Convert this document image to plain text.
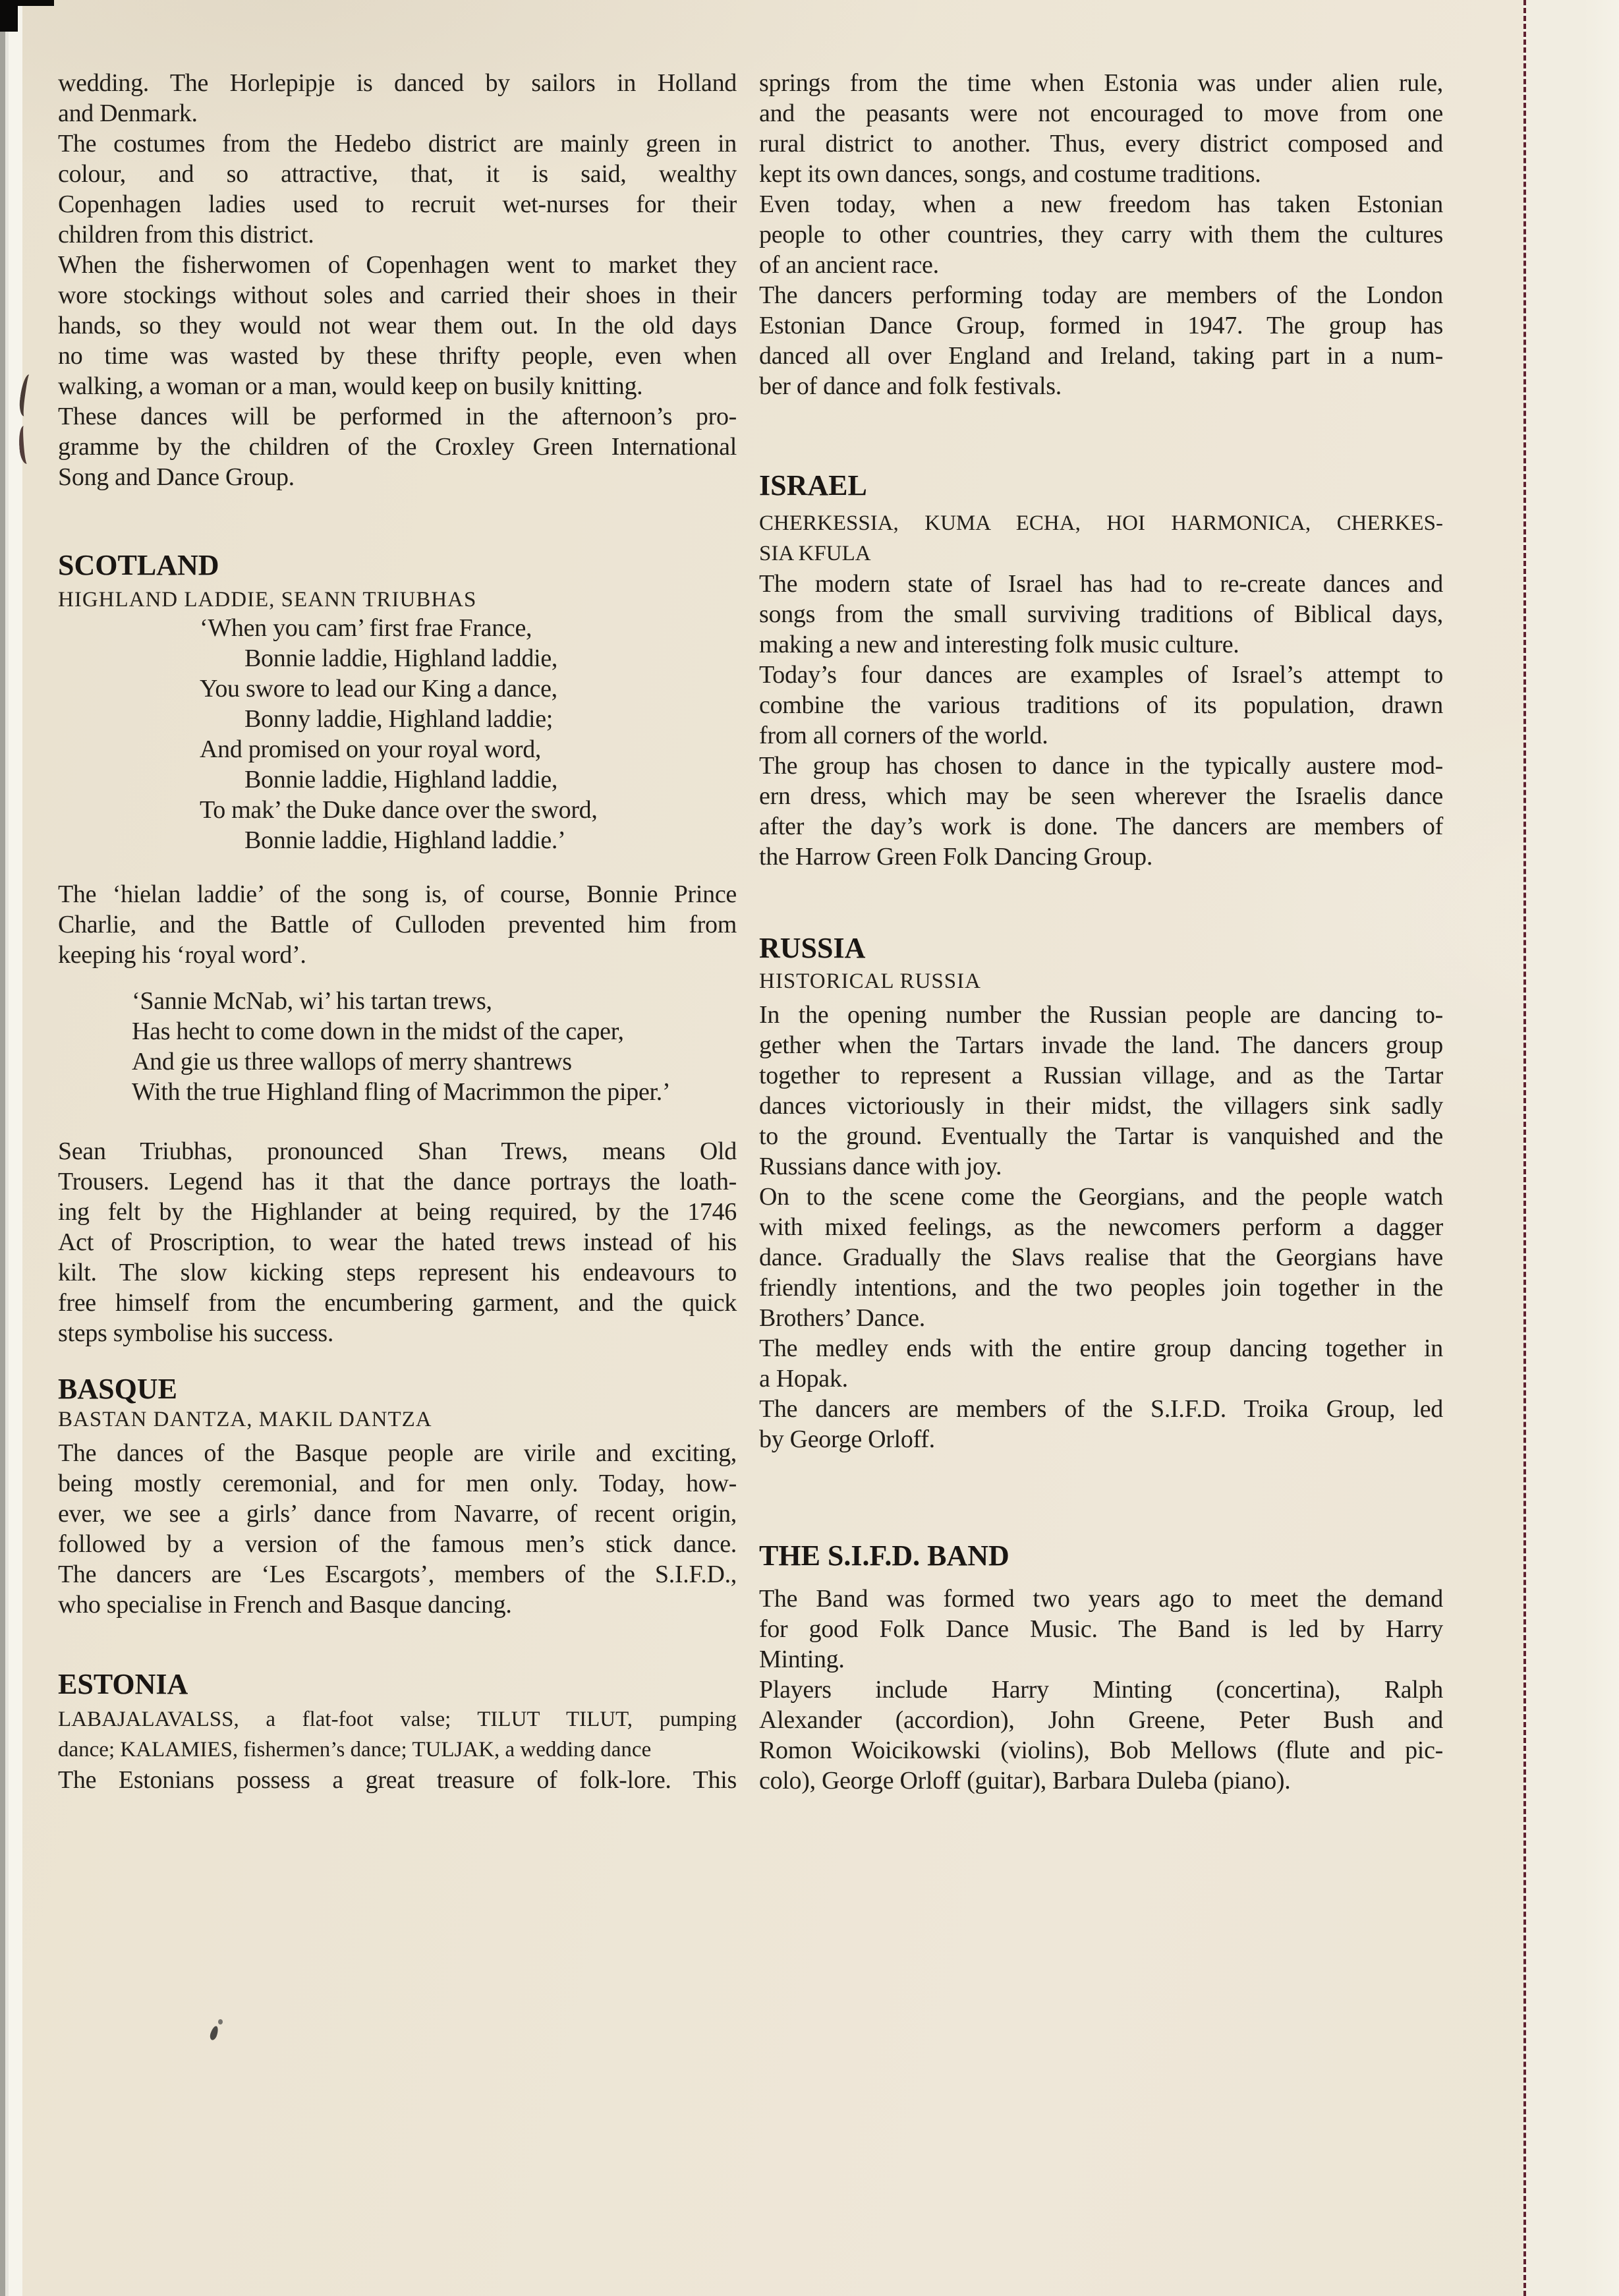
wedding. The Horlepipje is danced by sailors in Holland
and Denmark.
The costumes from the Hedebo district are mainly green in
colour, and so attractive, that, it is said, wealthy
Copenhagen ladies used to recruit wet-nurses for their
children from this district.
When the fisherwomen of Copenhagen went to market they
wore stockings without soles and carried their shoes in their
hands, so they would not wear them out. In the old days
no time was wasted by these thrifty people, even when
walking, a woman or a man, would keep on busily knitting.
These dances will be performed in the afternoon’s pro-
gramme by the children of the Croxley Green International
Song and Dance Group.
SCOTLAND
HIGHLAND LADDIE, SEANN TRIUBHAS
‘When you cam’ first frae France,
Bonnie laddie, Highland laddie,
You swore to lead our King a dance,
Bonny laddie, Highland laddie;
And promised on your royal word,
Bonnie laddie, Highland laddie,
To mak’ the Duke dance over the sword,
Bonnie laddie, Highland laddie.’
The ‘hielan laddie’ of the song is, of course, Bonnie Prince
Charlie, and the Battle of Culloden prevented him from
keeping his ‘royal word’.
‘Sannie McNab, wi’ his tartan trews,
Has hecht to come down in the midst of the caper,
And gie us three wallops of merry shantrews
With the true Highland fling of Macrimmon the piper.’
Sean Triubhas, pronounced Shan Trews, means Old
Trousers. Legend has it that the dance portrays the loath-
ing felt by the Highlander at being required, by the 1746
Act of Proscription, to wear the hated trews instead of his
kilt. The slow kicking steps represent his endeavours to
free himself from the encumbering garment, and the quick
steps symbolise his success.
BASQUE
BASTAN DANTZA, MAKIL DANTZA
The dances of the Basque people are virile and exciting,
being mostly ceremonial, and for men only. Today, how-
ever, we see a girls’ dance from Navarre, of recent origin,
followed by a version of the famous men’s stick dance.
The dancers are ‘Les Escargots’, members of the S.I.F.D.,
who specialise in French and Basque dancing.
ESTONIA
LABAJALAVALSS, a flat-foot valse; TILUT TILUT, pumping
dance; KALAMIES, fishermen’s dance; TULJAK, a wedding dance
The Estonians possess a great treasure of folk-lore. This
springs from the time when Estonia was under alien rule,
and the peasants were not encouraged to move from one
rural district to another. Thus, every district composed and
kept its own dances, songs, and costume traditions.
Even today, when a new freedom has taken Estonian
people to other countries, they carry with them the cultures
of an ancient race.
The dancers performing today are members of the London
Estonian Dance Group, formed in 1947. The group has
danced all over England and Ireland, taking part in a num-
ber of dance and folk festivals.
ISRAEL
CHERKESSIA, KUMA ECHA, HOI HARMONICA, CHERKES-
SIA KFULA
The modern state of Israel has had to re-create dances and
songs from the small surviving traditions of Biblical days,
making a new and interesting folk music culture.
Today’s four dances are examples of Israel’s attempt to
combine the various traditions of its population, drawn
from all corners of the world.
The group has chosen to dance in the typically austere mod-
ern dress, which may be seen wherever the Israelis dance
after the day’s work is done. The dancers are members of
the Harrow Green Folk Dancing Group.
RUSSIA
HISTORICAL RUSSIA
In the opening number the Russian people are dancing to-
gether when the Tartars invade the land. The dancers group
together to represent a Russian village, and as the Tartar
dances victoriously in their midst, the villagers sink sadly
to the ground. Eventually the Tartar is vanquished and the
Russians dance with joy.
On to the scene come the Georgians, and the people watch
with mixed feelings, as the newcomers perform a dagger
dance. Gradually the Slavs realise that the Georgians have
friendly intentions, and the two peoples join together in the
Brothers’ Dance.
The medley ends with the entire group dancing together in
a Hopak.
The dancers are members of the S.I.F.D. Troika Group, led
by George Orloff.
THE S.I.F.D. BAND
The Band was formed two years ago to meet the demand
for good Folk Dance Music. The Band is led by Harry
Minting.
Players include Harry Minting (concertina), Ralph
Alexander (accordion), John Greene, Peter Bush and
Romon Woicikowski (violins), Bob Mellows (flute and pic-
colo), George Orloff (guitar), Barbara Duleba (piano).
